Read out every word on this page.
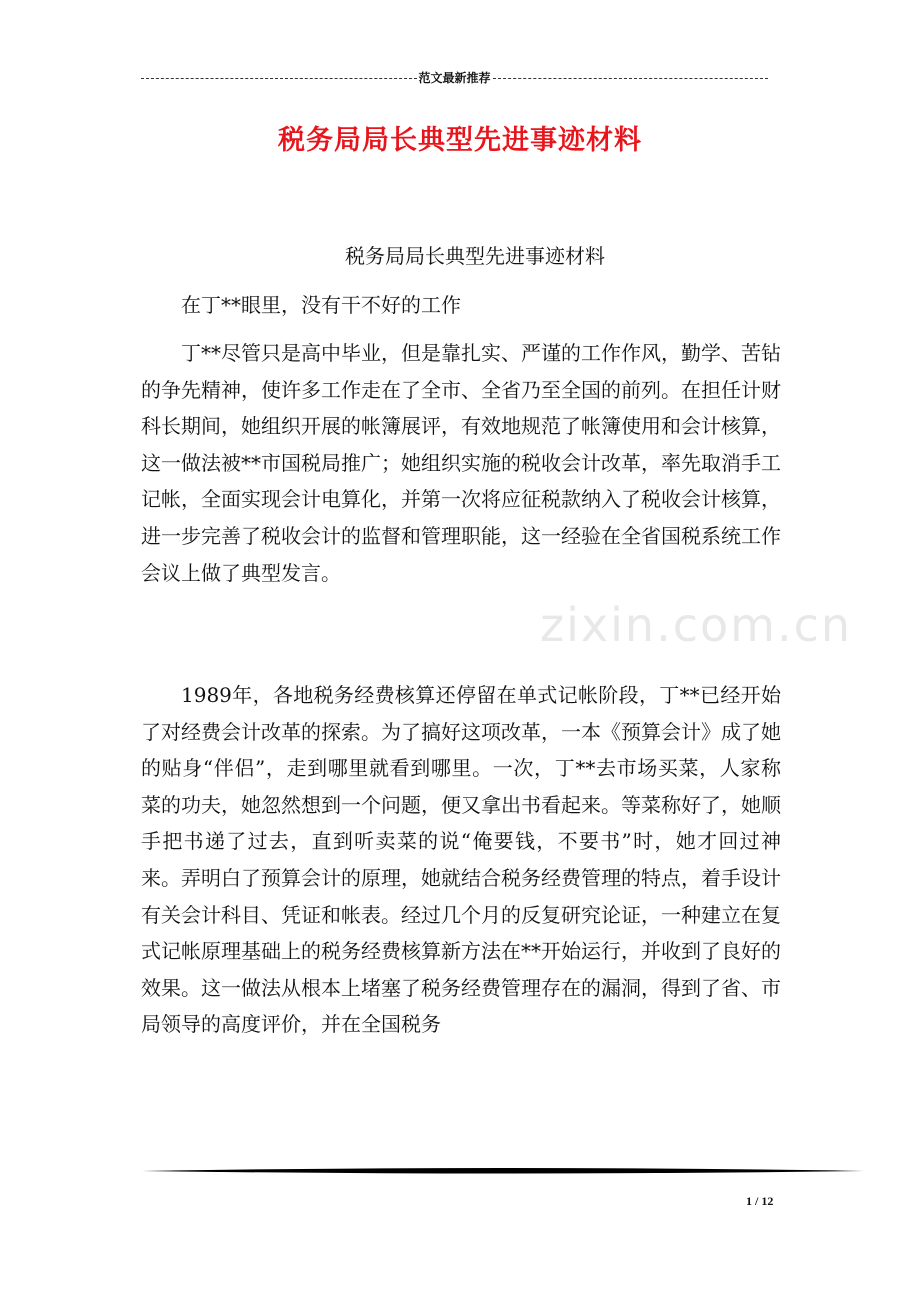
范文最新推荐
税务局局长典型先进事迹材料
税务局局长典型先进事迹材料

在丁**眼里，没有干不好的工作

丁**尽管只是高中毕业，但是靠扎实、严谨的工作作风，勤学、苦钻的争先精神，使许多工作走在了全市、全省乃至全国的前列。在担任计财科长期间，她组织开展的帐簿展评，有效地规范了帐簿使用和会计核算，这一做法被**市国税局推广；她组织实施的税收会计改革，率先取消手工记帐，全面实现会计电算化，并第一次将应征税款纳入了税收会计核算，进一步完善了税收会计的监督和管理职能，这一经验在全省国税系统工作会议上做了典型发言。

1989年，各地税务经费核算还停留在单式记帐阶段，丁**已经开始了对经费会计改革的探索。为了搞好这项改革，一本《预算会计》成了她的贴身“伴侣”，走到哪里就看到哪里。一次，丁**去市场买菜，人家称菜的功夫，她忽然想到一个问题，便又拿出书看起来。等菜称好了，她顺手把书递了过去，直到听卖菜的说“俺要钱，不要书”时，她才回过神来。弄明白了预算会计的原理，她就结合税务经费管理的特点，着手设计有关会计科目、凭证和帐表。经过几个月的反复研究论证，一种建立在复式记帐原理基础上的税务经费核算新方法在**开始运行，并收到了良好的效果。这一做法从根本上堵塞了税务经费管理存在的漏洞，得到了省、市局领导的高度评价，并在全国税务

zixin.com.cn
1 / 12
